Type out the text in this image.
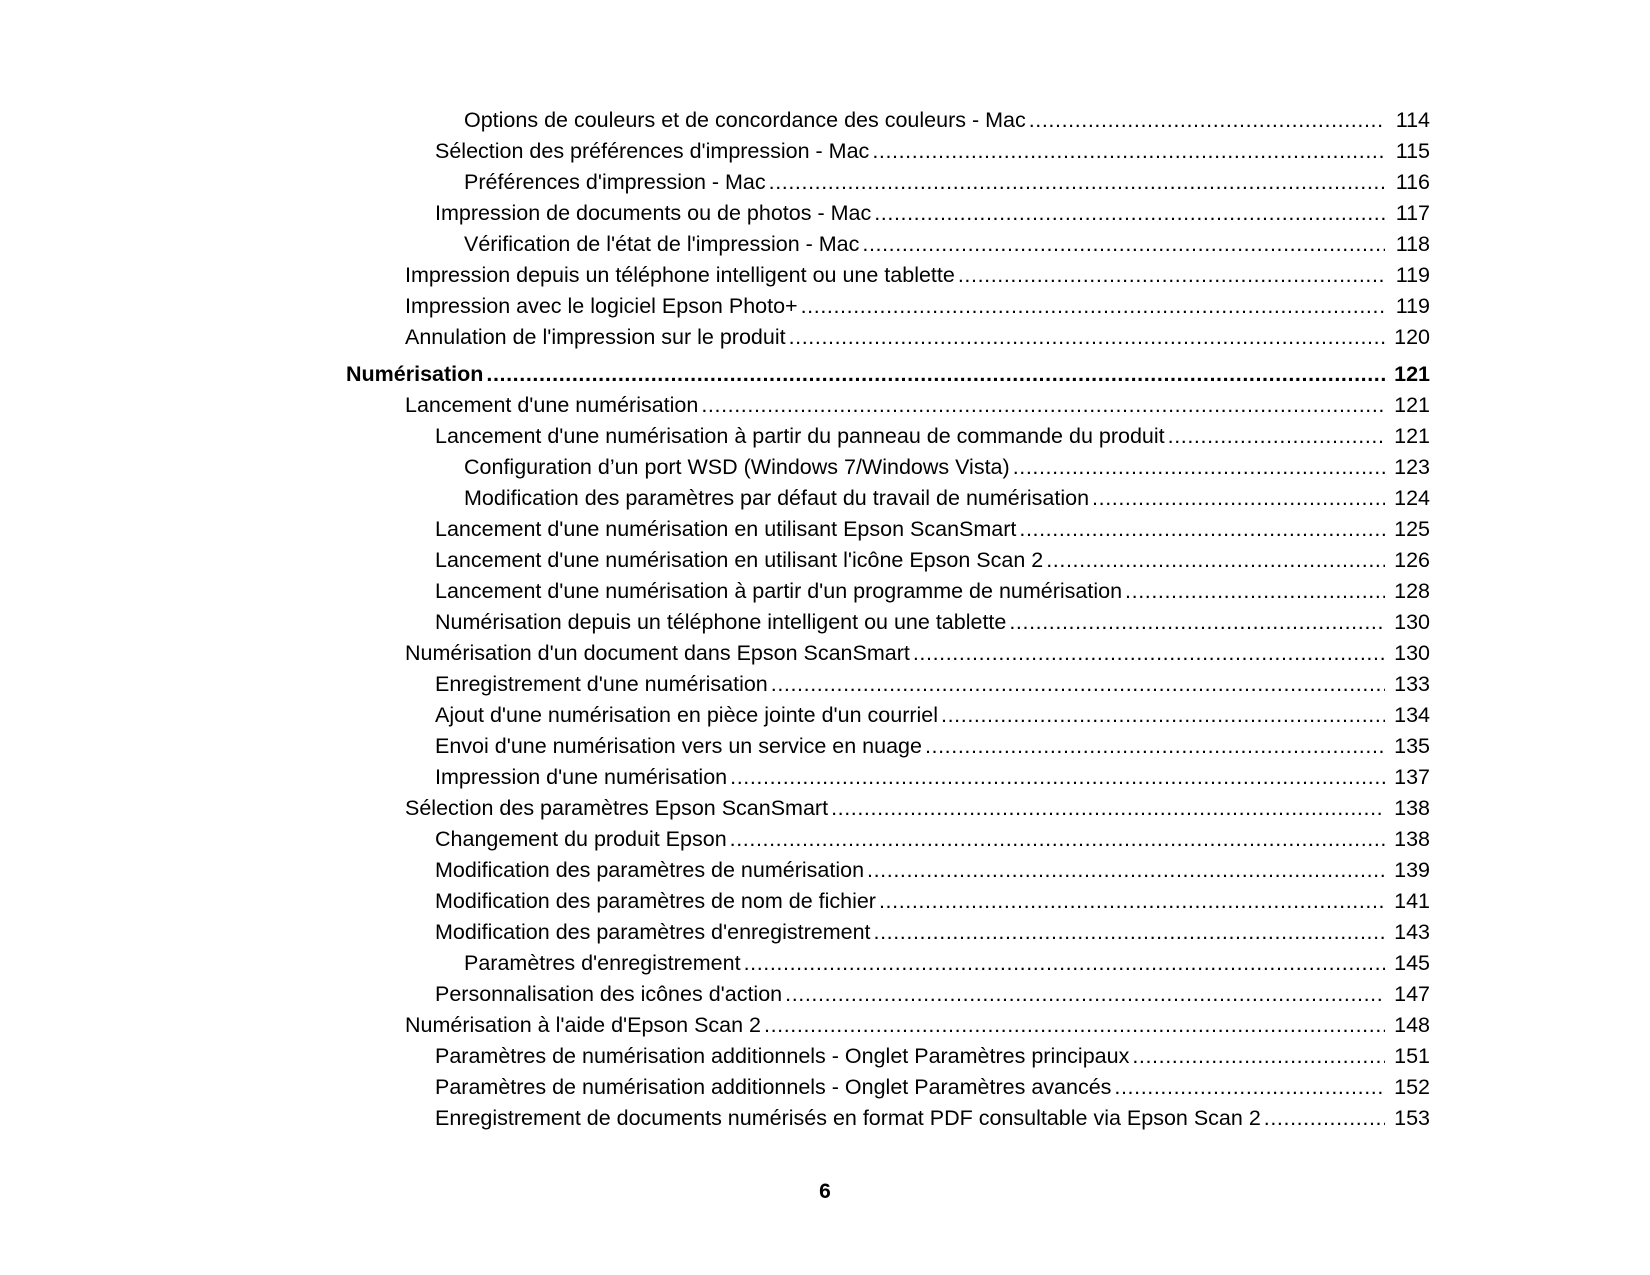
Options de couleurs et de concordance des couleurs - Mac .....	114
Sélection des préférences d'impression - Mac .....	115
Préférences d'impression - Mac .....	116
Impression de documents ou de photos - Mac .....	117
Vérification de l'état de l'impression - Mac .....	118
Impression depuis un téléphone intelligent ou une tablette .....	119
Impression avec le logiciel Epson Photo+ .....	119
Annulation de l'impression sur le produit .....	120
Numérisation .....	121
Lancement d'une numérisation .....	121
Lancement d'une numérisation à partir du panneau de commande du produit .....	121
Configuration d’un port WSD (Windows 7/Windows Vista) .....	123
Modification des paramètres par défaut du travail de numérisation .....	124
Lancement d'une numérisation en utilisant Epson ScanSmart .....	125
Lancement d'une numérisation en utilisant l'icône Epson Scan 2 .....	126
Lancement d'une numérisation à partir d'un programme de numérisation .....	128
Numérisation depuis un téléphone intelligent ou une tablette .....	130
Numérisation d'un document dans Epson ScanSmart .....	130
Enregistrement d'une numérisation .....	133
Ajout d'une numérisation en pièce jointe d'un courriel .....	134
Envoi d'une numérisation vers un service en nuage .....	135
Impression d'une numérisation .....	137
Sélection des paramètres Epson ScanSmart .....	138
Changement du produit Epson .....	138
Modification des paramètres de numérisation .....	139
Modification des paramètres de nom de fichier .....	141
Modification des paramètres d'enregistrement .....	143
Paramètres d'enregistrement .....	145
Personnalisation des icônes d'action .....	147
Numérisation à l'aide d'Epson Scan 2 .....	148
Paramètres de numérisation additionnels - Onglet Paramètres principaux .....	151
Paramètres de numérisation additionnels - Onglet Paramètres avancés .....	152
Enregistrement de documents numérisés en format PDF consultable via Epson Scan 2 .....	153
6
